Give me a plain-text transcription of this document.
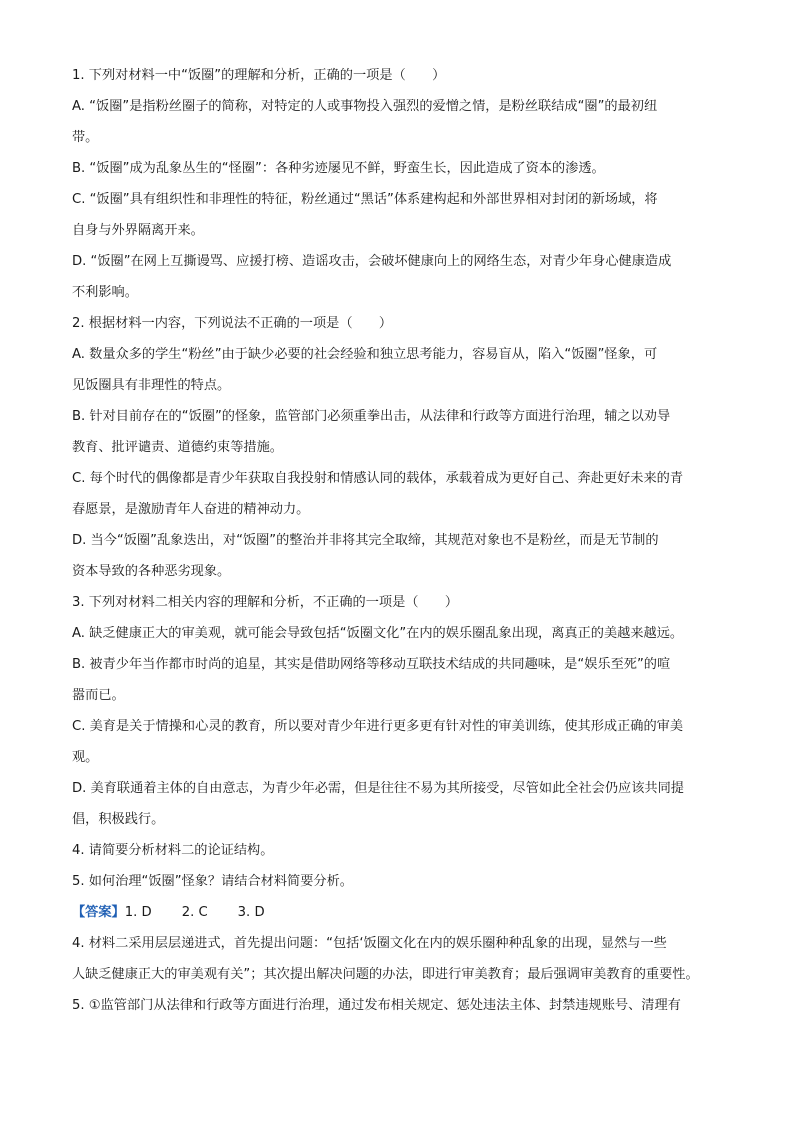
1. 下列对材料一中“饭圈”的理解和分析，正确的一项是（　　）
A. “饭圈”是指粉丝圈子的简称，对特定的人或事物投入强烈的爱憎之情，是粉丝联结成“圈”的最初纽
带。
B. “饭圈”成为乱象丛生的“怪圈”：各种劣迹屡见不鲜，野蛮生长，因此造成了资本的渗透。
C. “饭圈”具有组织性和非理性的特征，粉丝通过“黑话”体系建构起和外部世界相对封闭的新场域，将
自身与外界隔离开来。
D. “饭圈”在网上互撕谩骂、应援打榜、造谣攻击，会破坏健康向上的网络生态，对青少年身心健康造成
不利影响。
2. 根据材料一内容，下列说法不正确的一项是（　　）
A. 数量众多的学生“粉丝”由于缺少必要的社会经验和独立思考能力，容易盲从，陷入“饭圈”怪象，可
见饭圈具有非理性的特点。
B. 针对目前存在的“饭圈”的怪象，监管部门必须重拳出击，从法律和行政等方面进行治理，辅之以劝导
教育、批评谴责、道德约束等措施。
C. 每个时代的偶像都是青少年获取自我投射和情感认同的载体，承载着成为更好自己、奔赴更好未来的青
春愿景，是激励青年人奋进的精神动力。
D. 当今“饭圈”乱象迭出，对“饭圈”的整治并非将其完全取缔，其规范对象也不是粉丝，而是无节制的
资本导致的各种恶劣现象。
3. 下列对材料二相关内容的理解和分析，不正确的一项是（　　）
A. 缺乏健康正大的审美观，就可能会导致包括“饭圈文化”在内的娱乐圈乱象出现，离真正的美越来越远。
B. 被青少年当作都市时尚的追星，其实是借助网络等移动互联技术结成的共同趣味，是“娱乐至死”的喧
嚣而已。
C. 美育是关于情操和心灵的教育，所以要对青少年进行更多更有针对性的审美训练，使其形成正确的审美
观。
D. 美育联通着主体的自由意志，为青少年必需，但是往往不易为其所接受，尽管如此全社会仍应该共同提
倡，积极践行。
4. 请简要分析材料二的论证结构。
5. 如何治理“饭圈”怪象？请结合材料简要分析。
【答案】1. D 2. C 3. D
4. 材料二采用层层递进式，首先提出问题：“包括‘饭圈文化在内的娱乐圈种种乱象的出现，显然与一些
人缺乏健康正大的审美观有关”；其次提出解决问题的办法，即进行审美教育；最后强调审美教育的重要性。
5. ①监管部门从法律和行政等方面进行治理，通过发布相关规定、惩处违法主体、封禁违规账号、清理有
